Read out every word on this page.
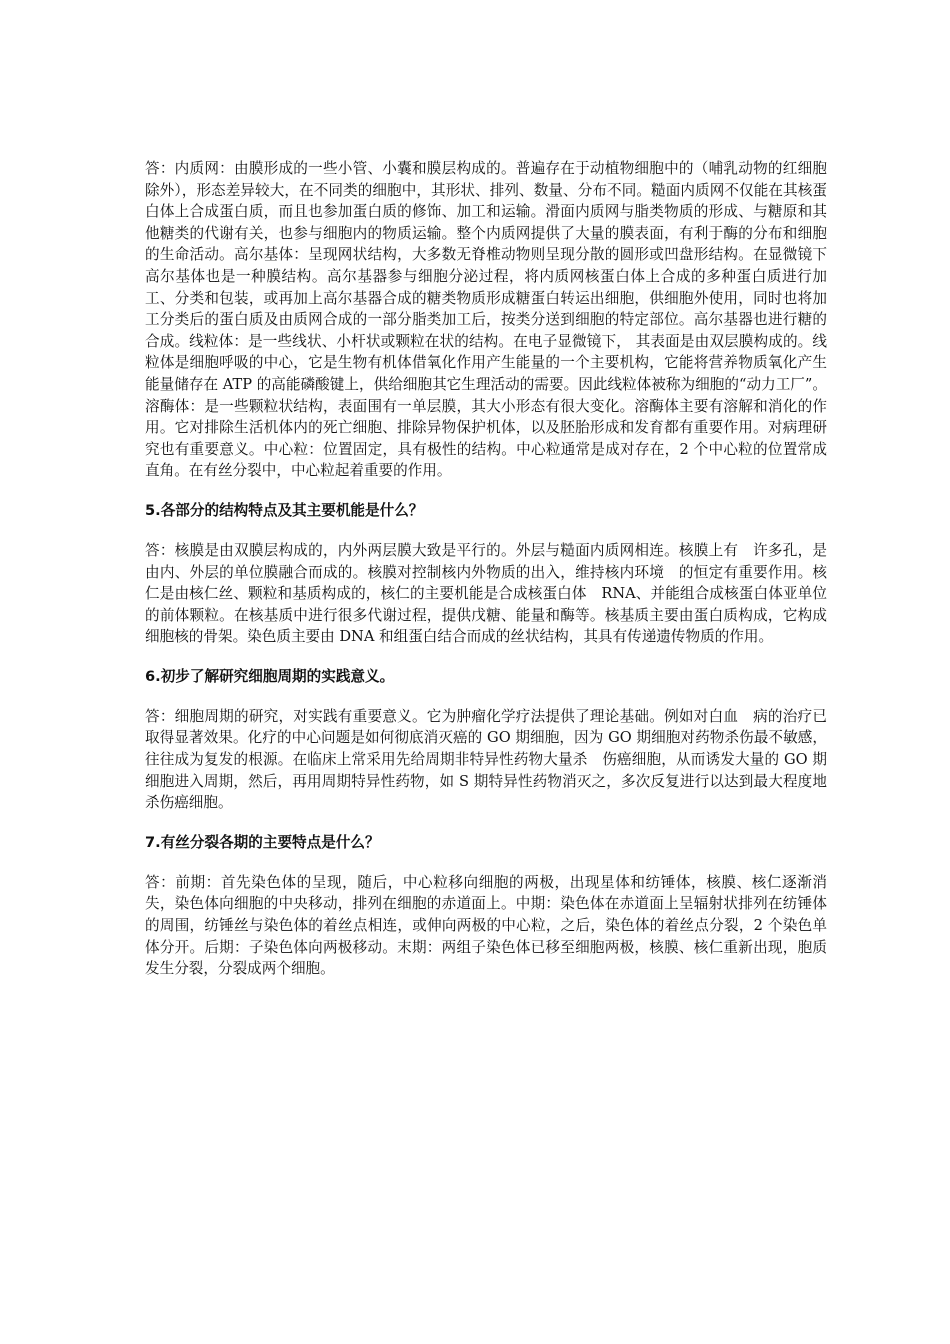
答：内质网：由膜形成的一些小管、小囊和膜层构成的。普遍存在于动植物细胞中的（哺乳动物的红细胞除外），形态差异较大，在不同类的细胞中，其形状、排列、数量、分布不同。糙面内质网不仅能在其核蛋白体上合成蛋白质，而且也参加蛋白质的修饰、加工和运输。滑面内质网与脂类物质的形成、与糖原和其他糖类的代谢有关，也参与细胞内的物质运输。整个内质网提供了大量的膜表面，有利于酶的分布和细胞的生命活动。高尔基体：呈现网状结构，大多数无脊椎动物则呈现分散的圆形或凹盘形结构。在显微镜下高尔基体也是一种膜结构。高尔基器参与细胞分泌过程，将内质网核蛋白体上合成的多种蛋白质进行加工、分类和包装，或再加上高尔基器合成的糖类物质形成糖蛋白转运出细胞，供细胞外使用，同时也将加工分类后的蛋白质及由质网合成的一部分脂类加工后，按类分送到细胞的特定部位。高尔基器也进行糖的合成。线粒体：是一些线状、小杆状或颗粒在状的结构。在电子显微镜下， 其表面是由双层膜构成的。线粒体是细胞呼吸的中心，它是生物有机体借氧化作用产生能量的一个主要机构，它能将营养物质氧化产生能量储存在 ATP 的高能磷酸键上，供给细胞其它生理活动的需要。因此线粒体被称为细胞的“动力工厂”。溶酶体：是一些颗粒状结构，表面围有一单层膜，其大小形态有很大变化。溶酶体主要有溶解和消化的作用。它对排除生活机体内的死亡细胞、排除异物保护机体，以及胚胎形成和发育都有重要作用。对病理研究也有重要意义。中心粒：位置固定，具有极性的结构。中心粒通常是成对存在，2 个中心粒的位置常成直角。在有丝分裂中，中心粒起着重要的作用。

5.各部分的结构特点及其主要机能是什么？

答：核膜是由双膜层构成的，内外两层膜大致是平行的。外层与糙面内质网相连。核膜上有　许多孔，是由内、外层的单位膜融合而成的。核膜对控制核内外物质的出入，维持核内环境　的恒定有重要作用。核仁是由核仁丝、颗粒和基质构成的，核仁的主要机能是合成核蛋白体　RNA、并能组合成核蛋白体亚单位的前体颗粒。在核基质中进行很多代谢过程，提供戊糖、能量和酶等。核基质主要由蛋白质构成，它构成细胞核的骨架。染色质主要由 DNA 和组蛋白结合而成的丝状结构，其具有传递遗传物质的作用。

6.初步了解研究细胞周期的实践意义。

答：细胞周期的研究，对实践有重要意义。它为肿瘤化学疗法提供了理论基础。例如对白血　病的治疗已取得显著效果。化疗的中心问题是如何彻底消灭癌的 GO 期细胞，因为 GO 期细胞对药物杀伤最不敏感，往往成为复发的根源。在临床上常采用先给周期非特异性药物大量杀　伤癌细胞，从而诱发大量的 GO 期细胞进入周期，然后，再用周期特异性药物，如 S 期特异性药物消灭之，多次反复进行以达到最大程度地杀伤癌细胞。

7.有丝分裂各期的主要特点是什么？

答：前期：首先染色体的呈现，随后，中心粒移向细胞的两极，出现星体和纺锤体，核膜、核仁逐渐消失，染色体向细胞的中央移动，排列在细胞的赤道面上。中期：染色体在赤道面上呈辐射状排列在纺锤体的周围，纺锤丝与染色体的着丝点相连，或伸向两极的中心粒，之后，染色体的着丝点分裂，2 个染色单体分开。后期：子染色体向两极移动。末期：两组子染色体已移至细胞两极，核膜、核仁重新出现，胞质发生分裂，分裂成两个细胞。
